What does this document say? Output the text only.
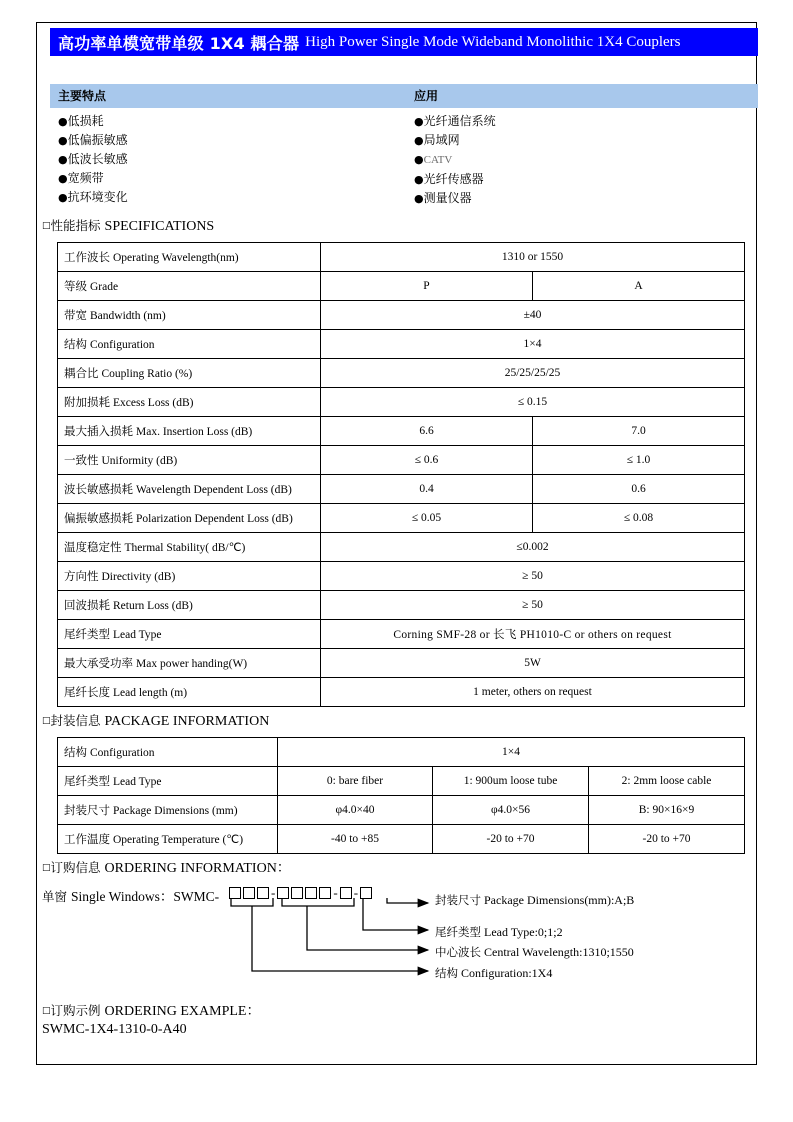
高功率单模宽带单级 1X4 耦合器 High Power Single Mode Wideband Monolithic 1X4 Couplers
主要特点	应用
●低损耗
●低偏振敏感
●低波长敏感
●宽频带
●抗环境变化
●光纤通信系统
●局域网
●CATV
●光纤传感器
●测量仪器
□性能指标 SPECIFICATIONS
工作波长 Operating Wavelength(nm)	1310 or 1550	
等级 Grade	P	A
带宽 Bandwidth (nm)	±40	
结构 Configuration	1×4	
耦合比 Coupling Ratio (%)	25/25/25/25	
附加损耗 Excess Loss (dB)	≤ 0.15	
最大插入损耗 Max. Insertion Loss (dB)	6.6	7.0
一致性 Uniformity (dB)	≤ 0.6	≤ 1.0
波长敏感损耗 Wavelength Dependent Loss (dB)	0.4	0.6
偏振敏感损耗 Polarization Dependent Loss (dB)	≤ 0.05	≤ 0.08
温度稳定性 Thermal Stability( dB/℃)	≤0.002	
方向性 Directivity (dB)	≥ 50	
回波损耗 Return Loss (dB)	≥ 50	
尾纤类型 Lead Type	Corning SMF-28 or 长飞 PH1010-C or others on request	
最大承受功率 Max power handing(W)	5W	
尾纤长度 Lead length (m)	1 meter, others on request	
□封装信息 PACKAGE INFORMATION
结构 Configuration	1×4		
尾纤类型 Lead Type	0: bare fiber	1: 900um loose tube	2: 2mm loose cable
封装尺寸 Package Dimensions (mm)	φ4.0×40	φ4.0×56	B: 90×16×9
工作温度 Operating Temperature (℃)	-40 to +85	-20 to +70	-20 to +70
□订购信息 ORDERING INFORMATION：
单窗 Single Windows：SWMC-	-	- -	封装尺寸 Package Dimensions(mm):A;B
尾纤类型 Lead Type:0;1;2
中心波长 Central Wavelength:1310;1550
结构 Configuration:1X4
□订购示例 ORDERING EXAMPLE：
SWMC-1X4-1310-0-A40
